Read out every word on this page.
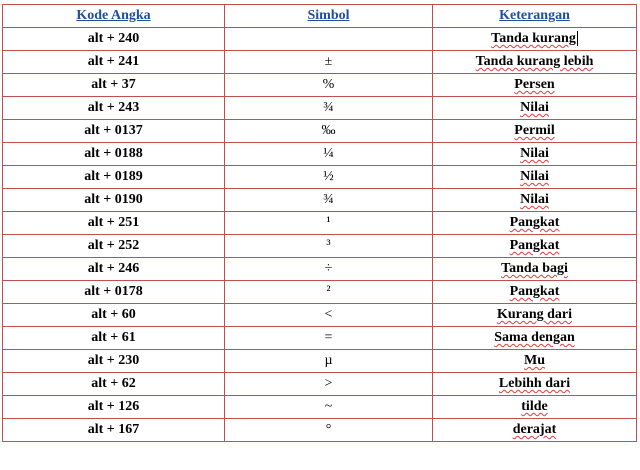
Kode Angka	Simbol	Keterangan
alt + 240		Tanda kurang
alt + 241	±	Tanda kurang lebih
alt + 37	%	Persen
alt + 243	¾	Nilai
alt + 0137	‰	Permil
alt + 0188	¼	Nilai
alt + 0189	½	Nilai
alt + 0190	¾	Nilai
alt + 251	¹	Pangkat
alt + 252	³	Pangkat
alt + 246	÷	Tanda bagi
alt + 0178	²	Pangkat
alt + 60	<	Kurang dari
alt + 61	=	Sama dengan
alt + 230	µ	Mu
alt + 62	>	Lebihh dari
alt + 126	~	tilde
alt + 167	°	derajat
